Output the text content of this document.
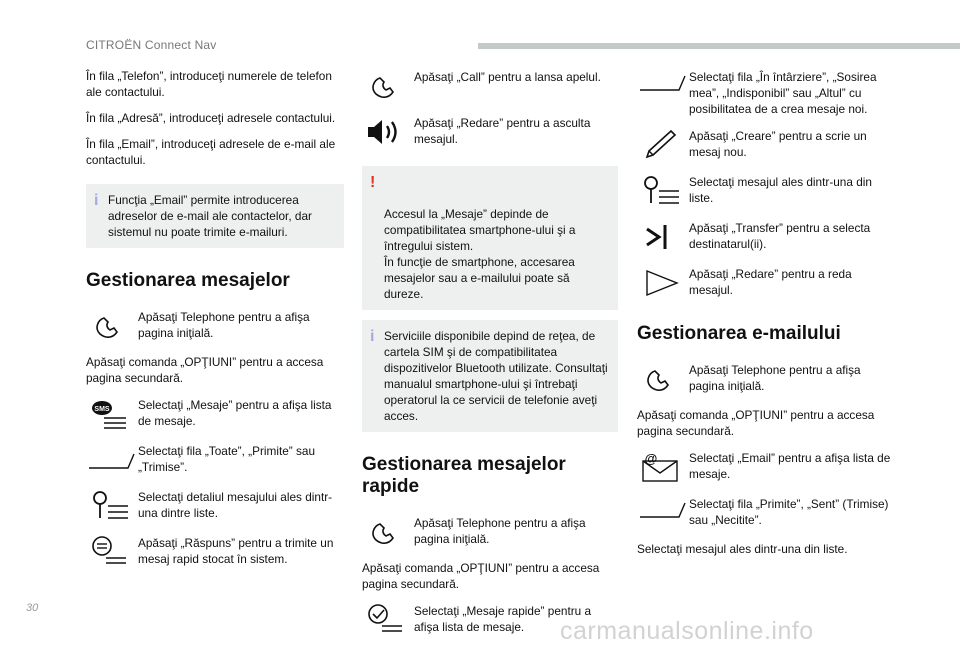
CITROËN Connect Nav

În fila „Telefon”, introduceţi numerele de telefon ale contactului.

În fila „Adresă”, introduceţi adresele contactului.

În fila „Email”, introduceţi adresele de e-mail ale contactului.

i Funcţia „Email” permite introducerea adreselor de e-mail ale contactelor, dar sistemul nu poate trimite e-mailuri.
Gestionarea mesajelor
Apăsaţi Telephone pentru a afişa pagina iniţială.

Apăsaţi comanda „OPŢIUNI” pentru a accesa pagina secundară.

SMS Selectaţi „Mesaje” pentru a afişa lista de mesaje.
Selectaţi fila „Toate”, „Primite” sau „Trimise”.
Selectaţi detaliul mesajului ales dintr-una dintre liste.
Apăsaţi „Răspuns” pentru a trimite un mesaj rapid stocat în sistem.
Apăsaţi „Call” pentru a lansa apelul.
Apăsaţi „Redare” pentru a asculta mesajul.

!

Accesul la „Mesaje” depinde de compatibilitatea smartphone-ului şi a întregului sistem.
În funcţie de smartphone, accesarea mesajelor sau a e-mailului poate să dureze.

i Serviciile disponibile depind de reţea, de cartela SIM şi de compatibilitatea dispozitivelor Bluetooth utilizate. Consultaţi manualul smartphone-ului şi întrebaţi operatorul la ce servicii de telefonie aveţi acces.
Gestionarea mesajelor rapide
Apăsaţi Telephone pentru a afişa pagina iniţială.

Apăsaţi comanda „OPŢIUNI” pentru a accesa pagina secundară.

Selectaţi „Mesaje rapide” pentru a afişa lista de mesaje.
Selectaţi fila „În întârziere”, „Sosirea mea”, „Indisponibil” sau „Altul” cu posibilitatea de a crea mesaje noi.
Apăsaţi „Creare” pentru a scrie un mesaj nou.
Selectaţi mesajul ales dintr-una din liste.
Apăsaţi „Transfer” pentru a selecta destinatarul(ii).
Apăsaţi „Redare” pentru a reda mesajul.
Gestionarea e-mailului
Apăsaţi Telephone pentru a afişa pagina iniţială.

Apăsaţi comanda „OPŢIUNI” pentru a accesa pagina secundară.

@	Selectaţi „Email” pentru a afişa lista de mesaje.
Selectaţi fila „Primite”, „Sent” (Trimise) sau „Necitite”.

Selectaţi mesajul ales dintr-una din liste.

30
carmanualsonline.info
